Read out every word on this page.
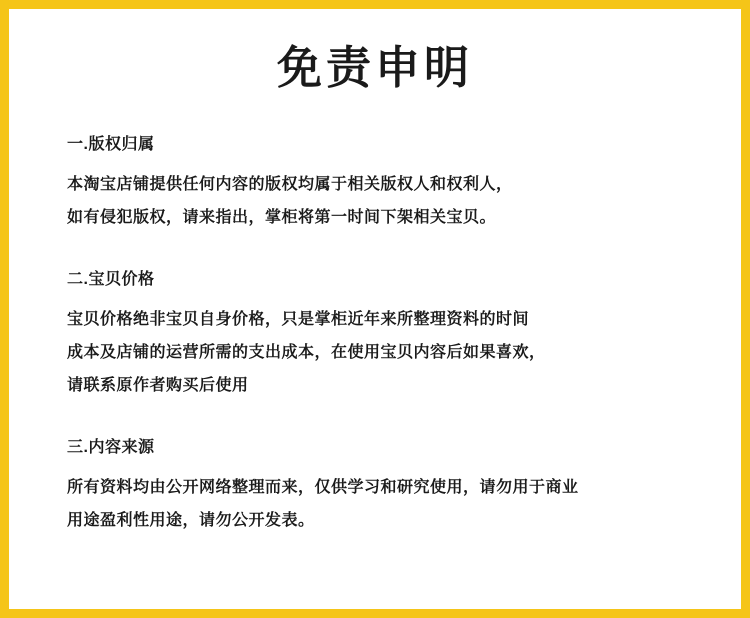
免责申明
一.版权归属
本淘宝店铺提供任何内容的版权均属于相关版权人和权利人，
如有侵犯版权，请来指出，掌柜将第一时间下架相关宝贝。
二.宝贝价格
宝贝价格绝非宝贝自身价格，只是掌柜近年来所整理资料的时间
成本及店铺的运营所需的支出成本，在使用宝贝内容后如果喜欢，
请联系原作者购买后使用
三.内容来源
所有资料均由公开网络整理而来，仅供学习和研究使用，请勿用于商业
用途盈利性用途，请勿公开发表。
